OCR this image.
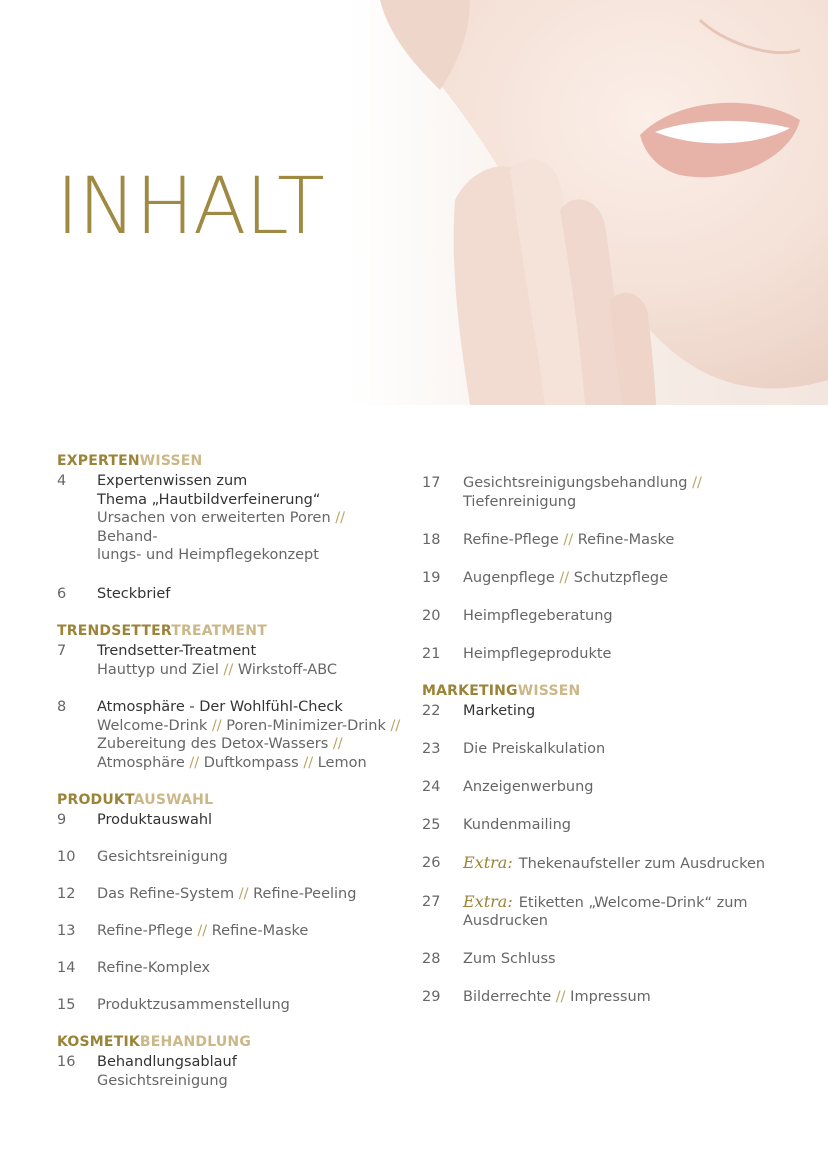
INHALT
EXPERTENWISSEN
4 Expertenwissen zum
Thema „Hautbildverfeinerung“
Ursachen von erweiterten Poren // Behand-
lungs- und Heimpflegekonzept
6 Steckbrief
TRENDSETTERTREATMENT
7 Trendsetter-Treatment
Hauttyp und Ziel // Wirkstoff-ABC
8 Atmosphäre - Der Wohlfühl-Check
Welcome-Drink // Poren-Minimizer-Drink //
Zubereitung des Detox-Wassers //
Atmosphäre // Duftkompass // Lemon
PRODUKTAUSWAHL
9 Produktauswahl
10 Gesichtsreinigung
12 Das Refine-System // Refine-Peeling
13 Refine-Pflege // Refine-Maske
14 Refine-Komplex
15 Produktzusammenstellung
KOSMETIKBEHANDLUNG
16 Behandlungsablauf
Gesichtsreinigung
17 Gesichtsreinigungsbehandlung //
Tiefenreinigung
18 Refine-Pflege // Refine-Maske
19 Augenpflege // Schutzpflege
20 Heimpflegeberatung
21 Heimpflegeprodukte
MARKETINGWISSEN
22 Marketing
23 Die Preiskalkulation
24 Anzeigenwerbung
25 Kundenmailing
26 Extra: Thekenaufsteller zum Ausdrucken
27 Extra: Etiketten „Welcome-Drink“ zum
Ausdrucken
28 Zum Schluss
29 Bilderrechte // Impressum
